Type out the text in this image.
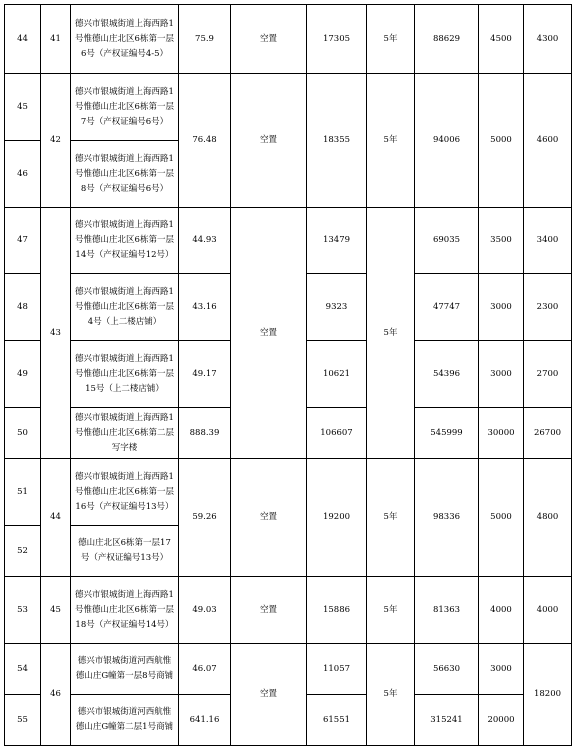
44	41	德兴市银城街道上海西路1号惟德山庄北区6栋第一层6号（产权证编号4-5）	75.9	空置	17305	5年	88629	4500	4300
45	42	德兴市银城街道上海西路1号惟德山庄北区6栋第一层7号（产权证编号6号）	76.48	空置	18355	5年	94006	5000	4600
46		德兴市银城街道上海西路1号惟德山庄北区6栋第一层8号（产权证编号6号）							
47	43	德兴市银城街道上海西路1号惟德山庄北区6栋第一层14号（产权证编号12号）	44.93	空置	13479	5年	69035	3500	3400
48		德兴市银城街道上海西路1号惟德山庄北区6栋第一层4号（上二楼店铺）	43.16		9323		47747	3000	2300
49		德兴市银城街道上海西路1号惟德山庄北区6栋第一层15号（上二楼店铺）	49.17		10621		54396	3000	2700
50		德兴市银城街道上海西路1号惟德山庄北区6栋第二层写字楼	888.39		106607		545999	30000	26700
51	44	德兴市银城街道上海西路1号惟德山庄北区6栋第一层16号（产权证编号13号）	59.26	空置	19200	5年	98336	5000	4800
52		德山庄北区6栋第一层17号（产权证编号13号）							
53	45	德兴市银城街道上海西路1号惟德山庄北区6栋第一层18号（产权证编号14号）	49.03	空置	15886	5年	81363	4000	4000
54	46	德兴市银城街道河西航惟德山庄G幢第一层8号商铺	46.07	空置	11057	5年	56630	3000	18200
55		德兴市银城街道河西航惟德山庄G幢第二层1号商铺	641.16		61551		315241	20000	
